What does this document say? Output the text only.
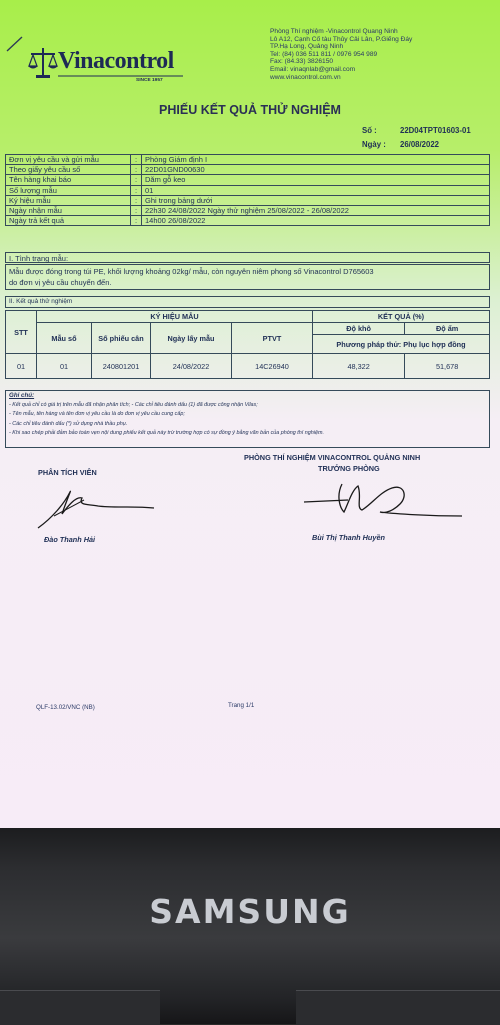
Vinacontrol
SINCE 1957
Phòng Thí nghiệm -Vinacontrol Quang Ninh
Lô A12, Cạnh Cố tàu Thủy Cải Lân, P.Giếng Đáy
TP.Hạ Long, Quảng Ninh
Tel: (84) 036 511 811 / 0976 954 989
Fax: (84.33) 3826150
Email: vinaqnlab@gmail.com
www.vinacontrol.com.vn
PHIẾU KẾT QUẢ THỬ NGHIỆM
Số :	22D04TPT01603-01
Ngày : 26/08/2022
Đơn vị yêu cầu và gửi mẫu	:	Phòng Giám định I
Theo giấy yêu cầu số	:	22D01GND00630
Tên hàng khai báo	:	Dăm gỗ keo
Số lượng mẫu	:	01
Ký hiệu mẫu	:	Ghi trong bảng dưới
Ngày nhận mẫu	:	22h30 24/08/2022 Ngày thử nghiệm 25/08/2022 - 26/08/2022
Ngày trả kết quả	:	14h00 26/08/2022
I. Tình trạng mẫu:
Mẫu được đóng trong túi PE, khối lượng khoảng 02kg/ mẫu, còn nguyên niêm phong số Vinacontrol D765603
do đơn vị yêu cầu chuyển đến.
II. Kết quả thử nghiệm
STT	KÝ HIỆU MẪU				KẾT QUẢ (%)	
	Mẫu số	Số phiếu cân	Ngày lấy mẫu	PTVT	Độ khô	Độ ẩm
					Phương pháp thử: Phụ lục hợp đồng	
01	01	240801201	24/08/2022	14C26940	48,322	51,678
Ghi chú:
- Kết quả chỉ có giá trị trên mẫu đã nhận phân tích; - Các chỉ tiêu đánh dấu (1) đã được công nhận Vilas;
- Tên mẫu, tên hàng và tên đơn vị yêu cầu là do đơn vị yêu cầu cung cấp;
- Các chỉ tiêu đánh dấu (*) sử dụng nhà thầu phụ.
- Khi sao chép phải đảm bảo toàn vẹn nội dung phiếu kết quả này trừ trường hợp có sự đồng ý bằng văn bản của phòng thí nghiệm.
PHÂN TÍCH VIÊN
PHÒNG THÍ NGHIỆM VINACONTROL QUẢNG NINH
TRƯỞNG PHÒNG
Đào Thanh Hải	Bùi Thị Thanh Huyền
QLF-13.02/VNC (NB)	Trang 1/1
SAMSUNG
